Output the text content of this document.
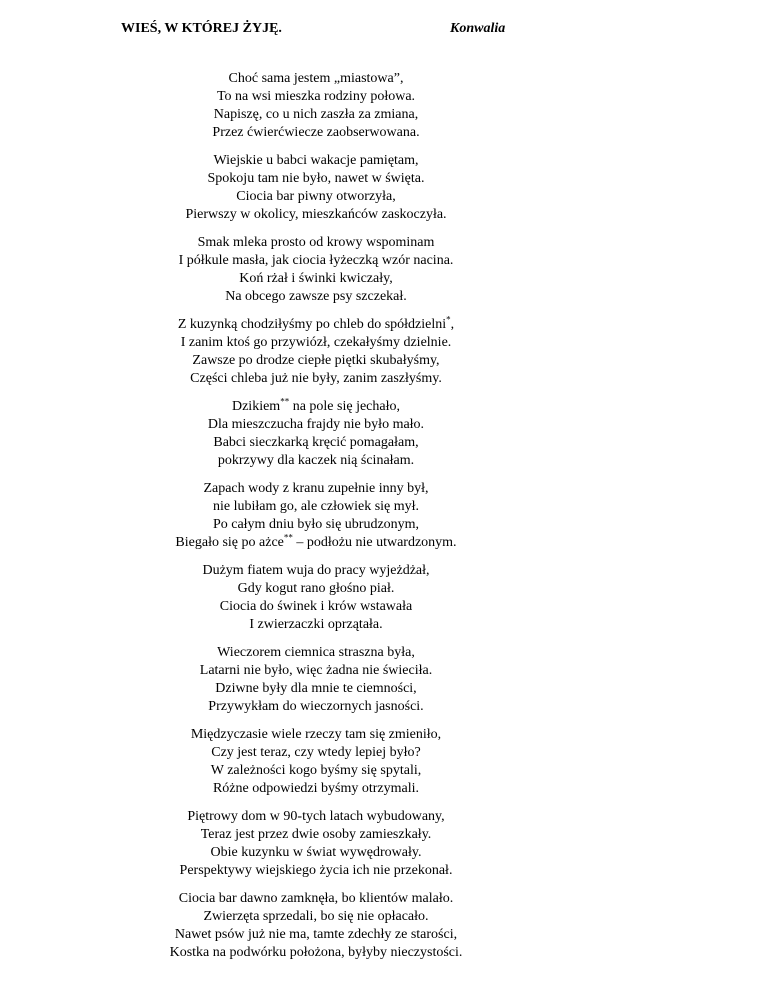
WIEŚ, W KTÓREJ ŻYJĘ.	Konwalia
Choć sama jestem „miastowa”,
To na wsi mieszka rodziny połowa.
Napiszę, co u nich zaszła za zmiana,
Przez ćwierćwiecze zaobserwowana.
Wiejskie u babci wakacje pamiętam,
Spokoju tam nie było, nawet w święta.
Ciocia bar piwny otworzyła,
Pierwszy w okolicy, mieszkańców zaskoczyła.
Smak mleka prosto od krowy wspominam
I półkule masła, jak ciocia łyżeczką wzór nacina.
Koń rżał i świnki kwiczały,
Na obcego zawsze psy szczekał.
Z kuzynką chodziłyśmy po chleb do spółdzielni*,
I zanim ktoś go przywiózł, czekałyśmy dzielnie.
Zawsze po drodze ciepłe piętki skubałyśmy,
Części chleba już nie były, zanim zaszłyśmy.
Dzikiem** na pole się jechało,
Dla mieszczucha frajdy nie było mało.
Babci sieczkarką kręcić pomagałam,
pokrzywy dla kaczek nią ścinałam.
Zapach wody z kranu zupełnie inny był,
nie lubiłam go, ale człowiek się mył.
Po całym dniu było się ubrudzonym,
Biegało się po ażce** – podłożu nie utwardzonym.
Dużym fiatem wuja do pracy wyjeżdżał,
Gdy kogut rano głośno piał.
Ciocia do świnek i krów wstawała
I zwierzaczki oprzątała.
Wieczorem ciemnica straszna była,
Latarni nie było, więc żadna nie świeciła.
Dziwne były dla mnie te ciemności,
Przywykłam do wieczornych jasności.
Międzyczasie wiele rzeczy tam się zmieniło,
Czy jest teraz, czy wtedy lepiej było?
W zależności kogo byśmy się spytali,
Różne odpowiedzi byśmy otrzymali.
Piętrowy dom w 90-tych latach wybudowany,
Teraz jest przez dwie osoby zamieszkały.
Obie kuzynku w świat wywędrowały.
Perspektywy wiejskiego życia ich nie przekonał.
Ciocia bar dawno zamknęła, bo klientów malało.
Zwierzęta sprzedali, bo się nie opłacało.
Nawet psów już nie ma, tamte zdechły ze starości,
Kostka na podwórku położona, byłyby nieczystości.
